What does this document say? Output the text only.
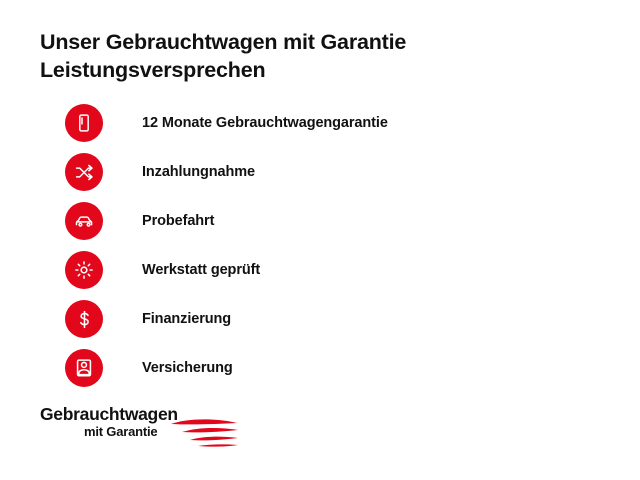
Unser Gebrauchtwagen mit Garantie
Leistungsversprechen
12 Monate Gebrauchtwagengarantie
Inzahlungnahme
Probefahrt
Werkstatt geprüft
Finanzierung
Versicherung
Gebrauchtwagen
mit Garantie
